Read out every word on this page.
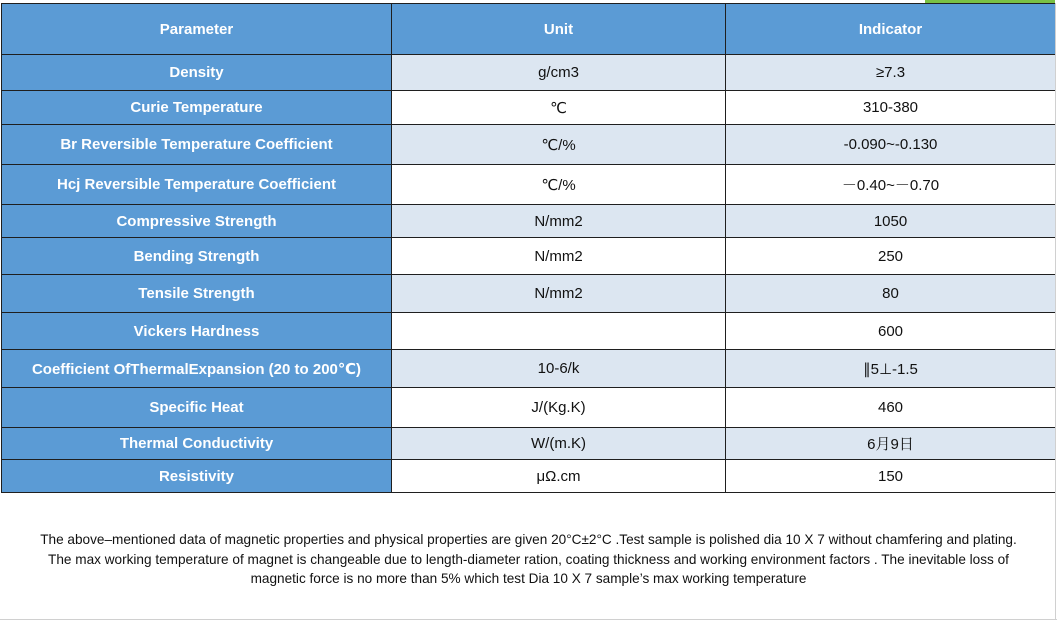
Parameter	Unit	Indicator
Density	g/cm3	≥7.3
Curie Temperature	℃	310-380
Br Reversible Temperature Coefficient	℃/%	-0.090~-0.130
Hcj Reversible Temperature Coefficient	℃/%	－0.40~－0.70
Compressive Strength	N/mm2	1050
Bending Strength	N/mm2	250
Tensile Strength	N/mm2	80
Vickers Hardness		600
Coefficient OfThermalExpansion (20 to 200℃)	10-6/k	∥5⊥-1.5
Specific Heat	J/(Kg.K)	460
Thermal Conductivity	W/(m.K)	6月9日
Resistivity	μΩ.cm	150
The above–mentioned data of magnetic properties and physical properties are given 20°C±2°C .Test sample is polished dia 10 X 7 without chamfering and plating.
The max working temperature of magnet is changeable due to length-diameter ration, coating thickness and working environment factors . The inevitable loss of
magnetic force is no more than 5% which test Dia 10 X 7 sample’s max working temperature
